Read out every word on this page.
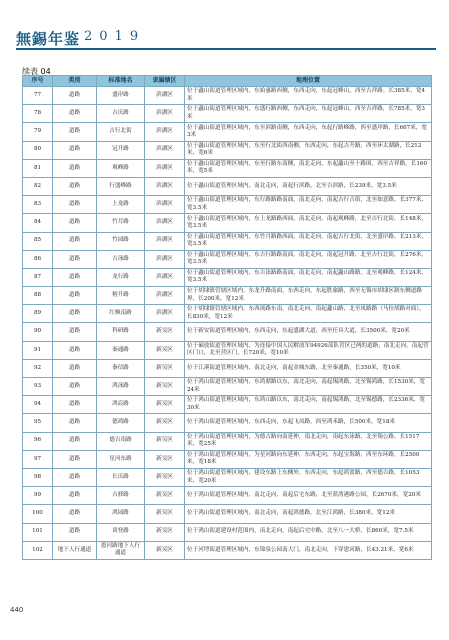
無錫年鉴 2019
续表 04
序号	类别	标准地名	隶属辖区	地理位置
77	道路	盛岸路	滨湖区	位于蠡山街道管理区域内。东始惠路西侧，东西走向，东起冠峰山，西至吉祥路。长385米，宽4米
78	道路	吉庆路	滨湖区	位于蠡山街道管理区域内，东盛行路西侧，东西走向，东起冠峰山，西至吉祥路，长785米，宽3米
79	道路	吉行北街	滨湖区	位于蠡山街道管理区域内，东至滨路南侧，东西走向，东起行路峰路，西至盛岸路，长667米，宽3米
80	道路	冠升路	滨湖区	位于蠡山街道管理区域内，东至行北街西南侧，东西走向，东起吉升路，西至环太湖路，长212米，宽6米
81	道路	观峰路	滨湖区	位于蠡山街道管理区域内，东至行路东南侧，南北走向，东起蠡山至十路围，西至吉祥路，长160米，宽5米
82	道路	行盛峰路	滨湖区	位于蠡山街道管理区域内，南北走向，南起行滨路，北至吉滨路，长239米，宽3.5米
83	道路	上龙路	滨湖区	位于蠡山街道管理区域内，东行路路路南面，南北走向，南起吉行吉街，北至如意路，长377米，宽3.5米
84	道路	竹月路	滨湖区	位于蠡山街道管理区域内，东上龙路路西面，南北走向，南起观峰路，北至吉行北街，长148米，宽3.5米
85	道路	竹园路	滨湖区	位于蠡山街道管理区域内，东竹月路路西面，南北走向，南起吉行北街，北至盛岸路，长213米，宽3.5米
86	道路	吉泳路	滨湖区	位于蠡山街道管理区域内，东吉行路路南面，南北走向，南起冠升路，北至吉行北街，长276米，宽3.5米
87	道路	龙行路	滨湖区	位于蠡山街道管理区域内，东吉泳路路南面，南北走向，南起蠡山路路，北至观峰路，长124米，宽3.5米
88	道路	榕升路	滨湖区	位于胡埭镇管辖区域内，东龙升路南面，东西走向，东起胜旅路，西至无锡市胡埭区制东侧道路界，长200米，宽12米
89	道路	红枫南路	滨湖区	位于胡埭镇管辖区域内，东西流路东南，南北走向，南起蠡山路，北至凤路路（马拉胡路对面），长830米，宽12米
90	道路	科研路	新吴区	位于新安街道管理区域内，东西走向，东起盛湖大道，西至任具大道，长3500米，宽20米
91	道路	秦通路	新吴区	位于硕放街道管理区域内，为连接中国人民解放军94926部队营区已两的道路，南北走向，南起营区门口，北至营区门，长720米，宽10米
92	道路	秦信路	新吴区	位于江溪街道管理区域内，南北走向，南起金城东路，北至秦通路，长350米，宽10米
93	道路	鸿泳路	新吴区	位于鸿山街道管理区域内，东鸿鼎路以东，南北走向，南起锡鸿路，北至锡鸿路，长1530米，宽24米
94	道路	鸿宸路	新吴区	位于鸿山街道管理区域内，东鸿山路以东，南北走向，南起锡鸿路，北至锡德路，长2336米，宽30米
95	道路	德鸿路	新吴区	位于鸿山街道管理区域内，东西走向，东起飞凤路，西至鸿禾路，长500米，宽18米
96	道路	德吉南路	新吴区	位于鸿山街道管理区域内，为德吉路向南延伸，南北走向，南起东泳路，北至锡公路，长1517米，宽25米
97	道路	星河东路	新吴区	位于鸿山街道管理区域内，为星河路向东延伸，东西走向，东起宝海路，西至东环路，长2500米，宽18米
98	道路	长庆路	新吴区	位于鸿山街道管理区域内，建设东路上东侧外，东西走向，东起鸿盈路，西至德吉路，长1053米，宽20米
99	道路	吉驿路	新吴区	位于鸿山街道管理区域内，南北走向，南起后宅东路，北至蓝湾港路公园，长2670米，宽20米
100	道路	鸿园路	新吴区	位于鸿山街道管理区域内，南北走向，南起鸿德路，北至江鸿路，长380米，宽12米
101	道路	谈登路	新吴区	位于鸿山街道建设村范围内，南北走向，南起后宅中路，北至八一大桥，长860米，宽7.5米
102	地下人行通道	恩河路地下人行通道	新吴区	位于河埒街道管理区域内，东锦泉公园南大门，南北走向，下穿恩河路，长43.21米，宽6米
440
